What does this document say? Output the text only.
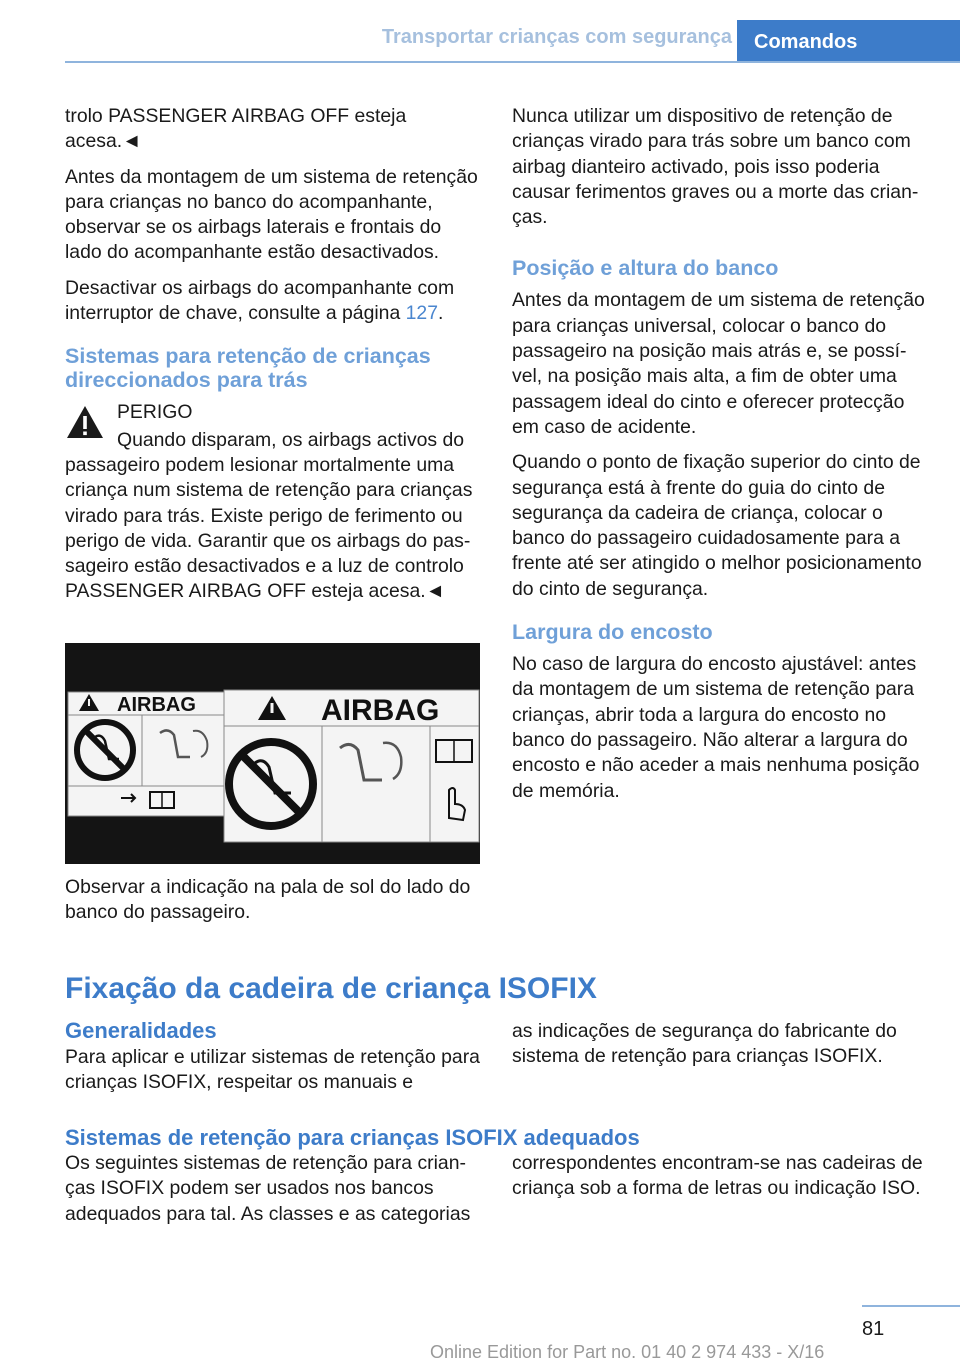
Transportar crianças com segurança	Comandos

trolo PASSENGER AIRBAG OFF esteja acesa.◄

Antes da montagem de um sistema de retenção para crianças no banco do acompanhante, observar se os airbags laterais e frontais do lado do acompanhante estão desactivados.

Desactivar os airbags do acompanhante com interruptor de chave, consulte a página 127.

Sistemas para retenção de crianças direccionados para trás

PERIGO

Quando disparam, os airbags activos do passageiro podem lesionar mortalmente uma criança num sistema de retenção para crianças virado para trás. Existe perigo de ferimento ou perigo de vida. Garantir que os airbags do passageiro estão desactivados e a luz de controlo PASSENGER AIRBAG OFF esteja acesa.◄

AIRBAG	AIRBAG
Observar a indicação na pala de sol do lado do banco do passageiro.

Nunca utilizar um dispositivo de retenção de crianças virado para trás sobre um banco com airbag dianteiro activado, pois isso poderia causar ferimentos graves ou a morte das crianças.

Posição e altura do banco

Antes da montagem de um sistema de retenção para crianças universal, colocar o banco do passageiro na posição mais atrás e, se possível, na posição mais alta, a fim de obter uma passagem ideal do cinto e oferecer protecção em caso de acidente.

Quando o ponto de fixação superior do cinto de segurança está à frente do guia do cinto de segurança da cadeira de criança, colocar o banco do passageiro cuidadosamente para a frente até ser atingido o melhor posicionamento do cinto de segurança.

Largura do encosto

No caso de largura do encosto ajustável: antes da montagem de um sistema de retenção para crianças, abrir toda a largura do encosto no banco do passageiro. Não alterar a largura do encosto e não aceder a mais nenhuma posição de memória.

Fixação da cadeira de criança ISOFIX
Generalidades
Para aplicar e utilizar sistemas de retenção para crianças ISOFIX, respeitar os manuais e
as indicações de segurança do fabricante do sistema de retenção para crianças ISOFIX.
Sistemas de retenção para crianças ISOFIX adequados
Os seguintes sistemas de retenção para crianças ISOFIX podem ser usados nos bancos adequados para tal. As classes e as categorias
correspondentes encontram-se nas cadeiras de criança sob a forma de letras ou indicação ISO.
81
Online Edition for Part no. 01 40 2 974 433 - X/16
